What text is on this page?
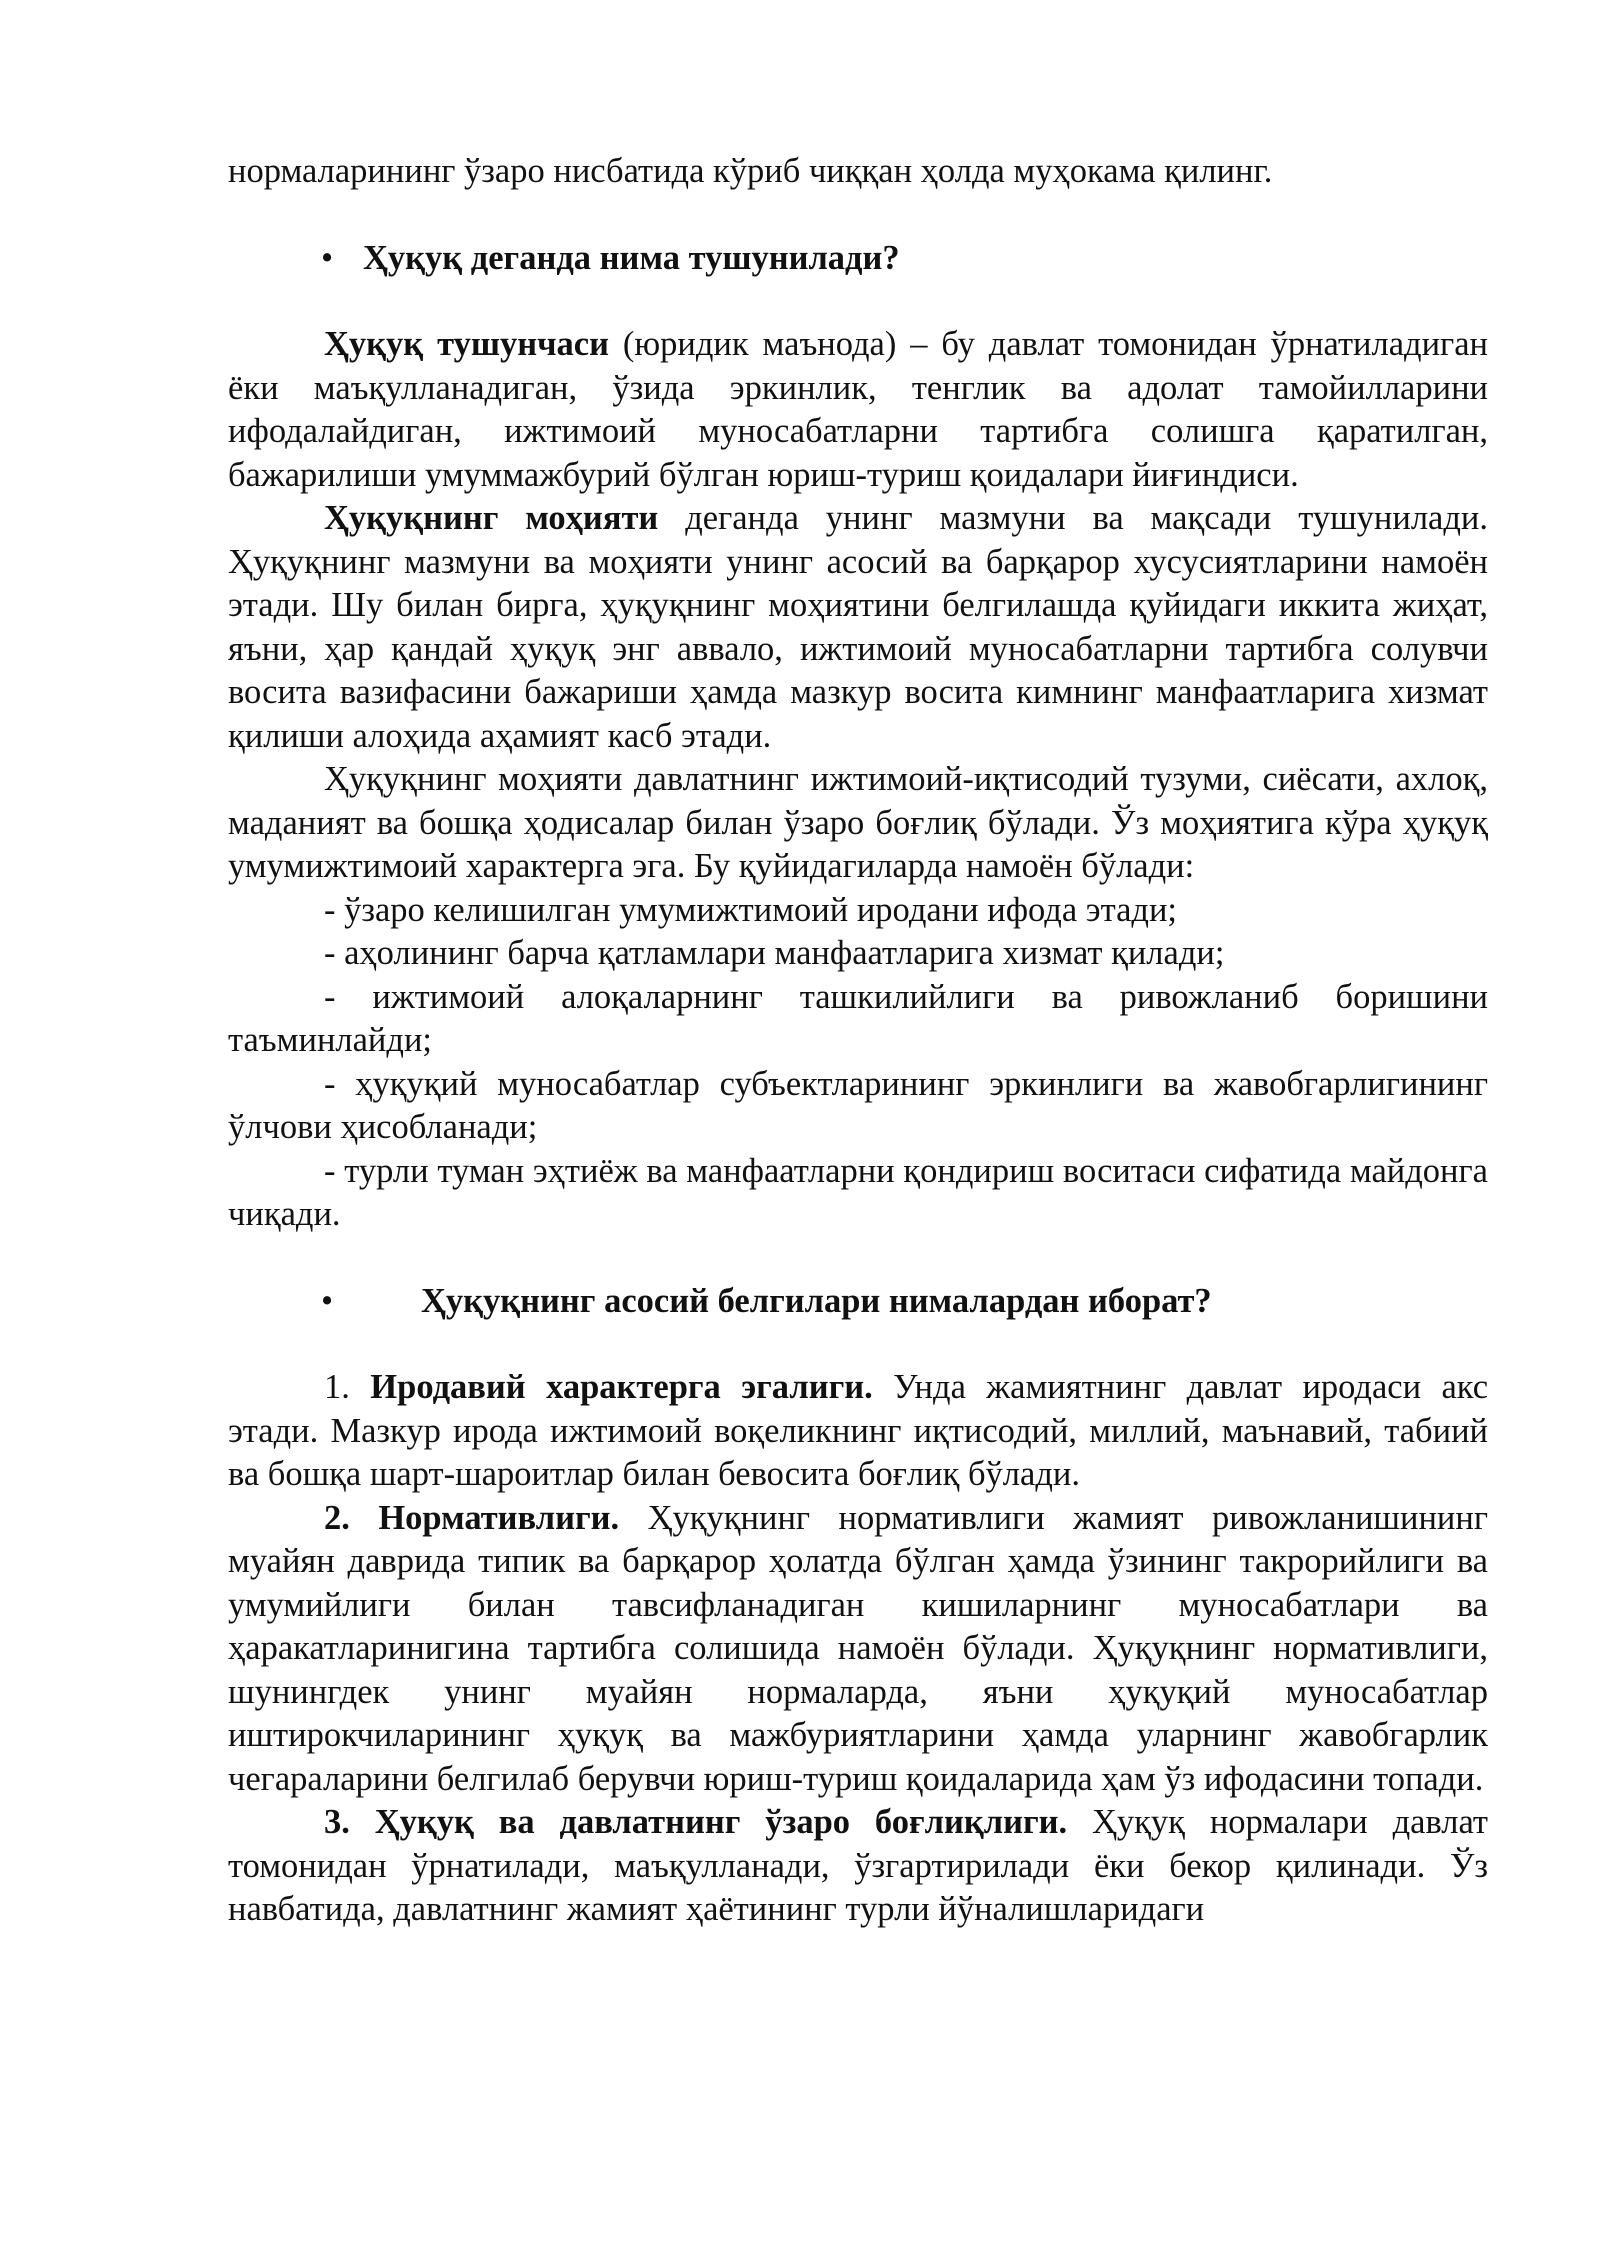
нормаларининг ўзаро нисбатида кўриб чиққан ҳолда муҳокама қилинг.

• Ҳуқуқ деганда нима тушунилади?

Ҳуқуқ тушунчаси (юридик маънода) – бу давлат томонидан ўрнатиладиган ёки маъқулланадиган, ўзида эркинлик, тенглик ва адолат тамойилларини ифодалайдиган, ижтимоий муносабатларни тартибга солишга қаратилган, бажарилиши умуммажбурий бўлган юриш-туриш қоидалари йиғиндиси.

Ҳуқуқнинг моҳияти деганда унинг мазмуни ва мақсади тушунилади. Ҳуқуқнинг мазмуни ва моҳияти унинг асосий ва барқарор хусусиятларини намоён этади. Шу билан бирга, ҳуқуқнинг моҳиятини белгилашда қуйидаги иккита жиҳат, яъни, ҳар қандай ҳуқуқ энг аввало, ижтимоий муносабатларни тартибга солувчи восита вазифасини бажариши ҳамда мазкур восита кимнинг манфаатларига хизмат қилиши алоҳида аҳамият касб этади.

Ҳуқуқнинг моҳияти давлатнинг ижтимоий-иқтисодий тузуми, сиёсати, ахлоқ, маданият ва бошқа ҳодисалар билан ўзаро боғлиқ бўлади. Ўз моҳиятига кўра ҳуқуқ умумижтимоий характерга эга. Бу қуйидагиларда намоён бўлади:

- ўзаро келишилган умумижтимоий иродани ифода этади;

- аҳолининг барча қатламлари манфаатларига хизмат қилади;

- ижтимоий алоқаларнинг ташкилийлиги ва ривожланиб боришини таъминлайди;

- ҳуқуқий муносабатлар субъектларининг эркинлиги ва жавобгарлигининг ўлчови ҳисобланади;

- турли туман эҳтиёж ва манфаатларни қондириш воситаси сифатида майдонга чиқади.

•	Ҳуқуқнинг асосий белгилари нималардан иборат?

1. Иродавий характерга эгалиги. Унда жамиятнинг давлат иродаси акс этади. Мазкур ирода ижтимоий воқеликнинг иқтисодий, миллий, маънавий, табиий ва бошқа шарт-шароитлар билан бевосита боғлиқ бўлади.

2. Нормативлиги. Ҳуқуқнинг нормативлиги жамият ривожланишининг муайян даврида типик ва барқарор ҳолатда бўлган ҳамда ўзининг такрорийлиги ва умумийлиги билан тавсифланадиган кишиларнинг муносабатлари ва ҳаракатларинигина тартибга солишида намоён бўлади. Ҳуқуқнинг нормативлиги, шунингдек унинг муайян нормаларда, яъни ҳуқуқий муносабатлар иштирокчиларининг ҳуқуқ ва мажбуриятларини ҳамда уларнинг жавобгарлик чегараларини белгилаб берувчи юриш-туриш қоидаларида ҳам ўз ифодасини топади.

3. Ҳуқуқ ва давлатнинг ўзаро боғлиқлиги. Ҳуқуқ нормалари давлат томонидан ўрнатилади, маъқулланади, ўзгартирилади ёки бекор қилинади. Ўз навбатида, давлатнинг жамият ҳаётининг турли йўналишларидаги
